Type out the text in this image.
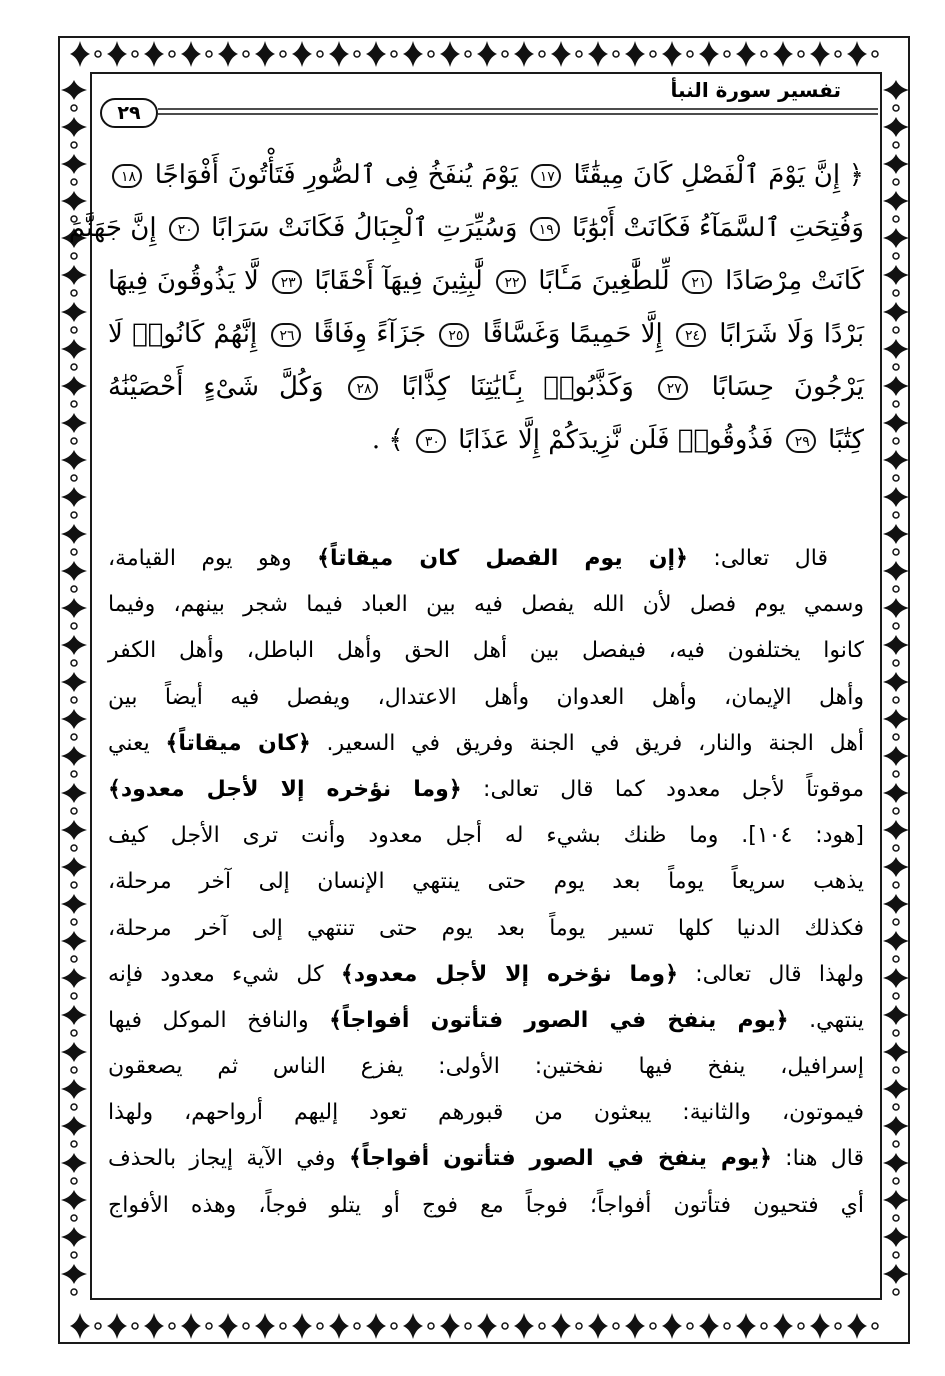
تفسير سورة النبأ
٢٩
﴿ إِنَّ يَوْمَ ٱلْفَصْلِ كَانَ مِيقَٰتًا ١٧ يَوْمَ يُنفَخُ فِى ٱلصُّورِ فَتَأْتُونَ أَفْوَاجًا ١٨
وَفُتِحَتِ ٱلسَّمَآءُ فَكَانَتْ أَبْوَٰبًا ١٩ وَسُيِّرَتِ ٱلْجِبَالُ فَكَانَتْ سَرَابًا ٢٠ إِنَّ جَهَنَّمَ
كَانَتْ مِرْصَادًا ٢١ لِّلطَّٰغِينَ مَـَٔابًا ٢٢ لَّٰبِثِينَ فِيهَآ أَحْقَابًا ٢٣ لَّا يَذُوقُونَ فِيهَا
بَرْدًا وَلَا شَرَابًا ٢٤ إِلَّا حَمِيمًا وَغَسَّاقًا ٢٥ جَزَآءً وِفَاقًا ٢٦ إِنَّهُمْ كَانُوا۟ لَا
يَرْجُونَ حِسَابًا ٢٧ وَكَذَّبُوا۟ بِـَٔايَٰتِنَا كِذَّابًا ٢٨ وَكُلَّ شَىْءٍ أَحْصَيْنَٰهُ
كِتَٰبًا ٢٩ فَذُوقُوا۟ فَلَن نَّزِيدَكُمْ إِلَّا عَذَابًا ٣٠ ﴾ .
قال تعالى: ﴿إن يوم الفصل كان ميقاتاً﴾ وهو يوم القيامة،
وسمي يوم فصل لأن الله يفصل فيه بين العباد فيما شجر بينهم، وفيما
كانوا يختلفون فيه، فيفصل بين أهل الحق وأهل الباطل، وأهل الكفر
وأهل الإيمان، وأهل العدوان وأهل الاعتدال، ويفصل فيه أيضاً بين
أهل الجنة والنار، فريق في الجنة وفريق في السعير. ﴿كان ميقاتاً﴾ يعني
موقوتاً لأجل معدود كما قال تعالى: ﴿وما نؤخره إلا لأجل معدود﴾
[هود: ١٠٤]. وما ظنك بشيء له أجل معدود وأنت ترى الأجل كيف
يذهب سريعاً يوماً بعد يوم حتى ينتهي الإنسان إلى آخر مرحلة،
فكذلك الدنيا كلها تسير يوماً بعد يوم حتى تنتهي إلى آخر مرحلة،
ولهذا قال تعالى: ﴿وما نؤخره إلا لأجل معدود﴾ كل شيء معدود فإنه
ينتهي. ﴿يوم ينفخ في الصور فتأتون أفواجاً﴾ والنافخ الموكل فيها
إسرافيل، ينفخ فيها نفختين: الأولى: يفزع الناس ثم يصعقون
فيموتون، والثانية: يبعثون من قبورهم تعود إليهم أرواحهم، ولهذا
قال هنا: ﴿يوم ينفخ في الصور فتأتون أفواجاً﴾ وفي الآية إيجاز بالحذف
أي فتحيون فتأتون أفواجاً؛ فوجاً مع فوج أو يتلو فوجاً، وهذه الأفواج
